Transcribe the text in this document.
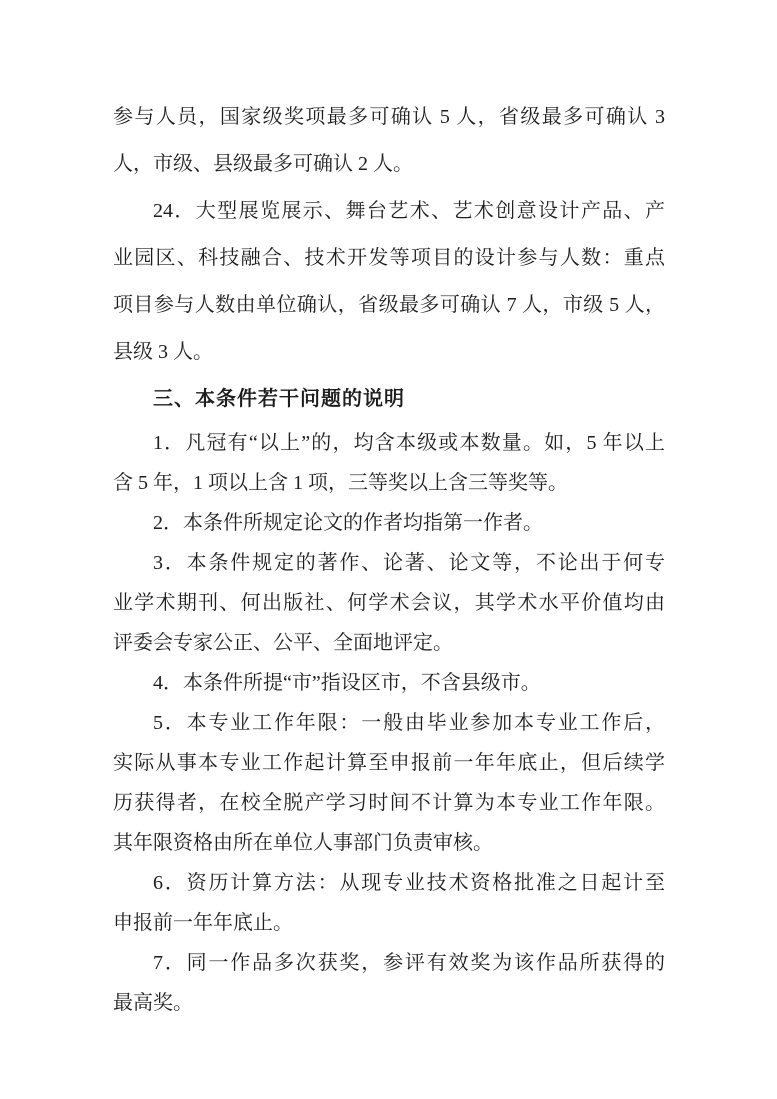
参与人员，国家级奖项最多可确认 5 人，省级最多可确认 3
人，市级、县级最多可确认 2 人。
24．大型展览展示、舞台艺术、艺术创意设计产品、产
业园区、科技融合、技术开发等项目的设计参与人数：重点
项目参与人数由单位确认，省级最多可确认 7 人，市级 5 人，
县级 3 人。
三、本条件若干问题的说明
1．凡冠有“以上”的，均含本级或本数量。如，5 年以上
含 5 年，1 项以上含 1 项，三等奖以上含三等奖等。
2．本条件所规定论文的作者均指第一作者。
3．本条件规定的著作、论著、论文等，不论出于何专
业学术期刊、何出版社、何学术会议，其学术水平价值均由
评委会专家公正、公平、全面地评定。
4．本条件所提“市”指设区市，不含县级市。
5．本专业工作年限：一般由毕业参加本专业工作后，
实际从事本专业工作起计算至申报前一年年底止，但后续学
历获得者，在校全脱产学习时间不计算为本专业工作年限。
其年限资格由所在单位人事部门负责审核。
6．资历计算方法：从现专业技术资格批准之日起计至
申报前一年年底止。
7．同一作品多次获奖，参评有效奖为该作品所获得的
最高奖。
